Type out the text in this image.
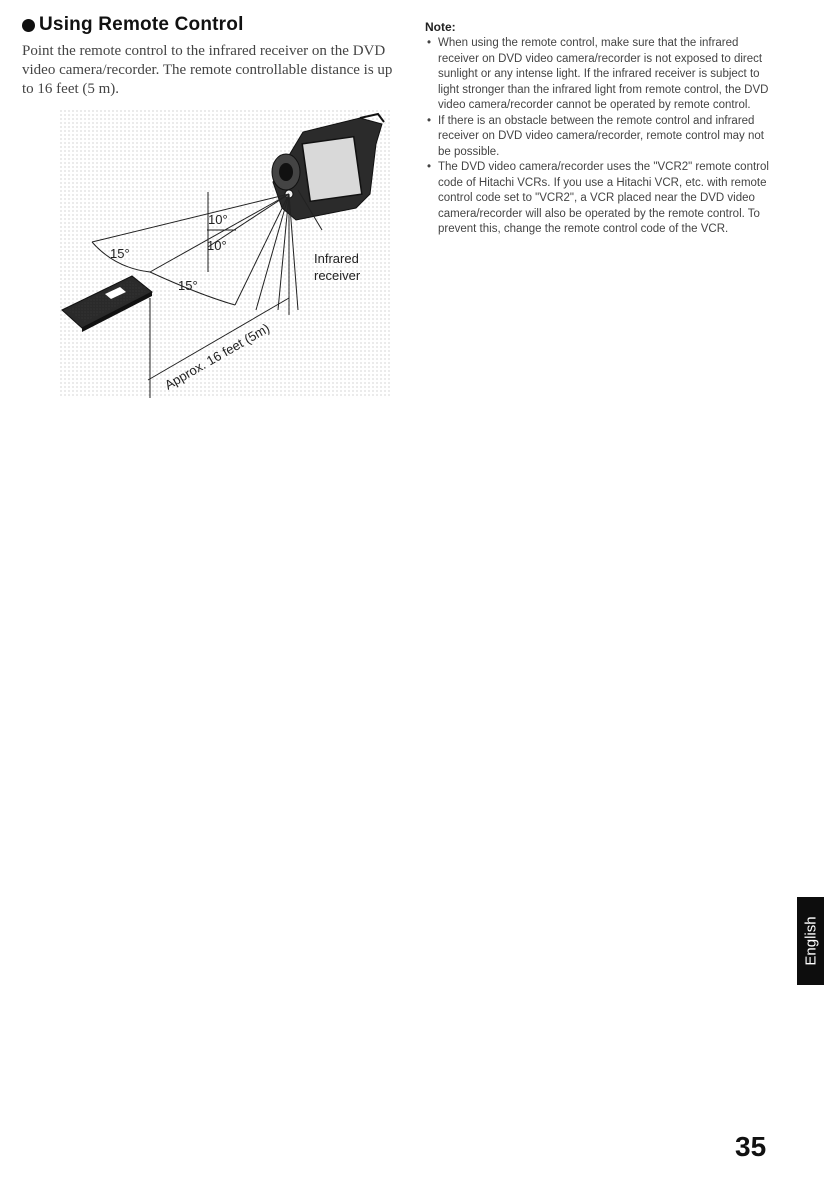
Using Remote Control

Point the remote control to the infrared receiver on the DVD video camera/recorder. The remote controllable distance is up to 16 feet (5 m).

10°
10°
15°
15°
Infrared
receiver
Approx. 16 feet (5m)

Note:

• When using the remote control, make sure that the infrared receiver on DVD video camera/recorder is not exposed to direct sunlight or any intense light. If the infrared receiver is subject to light stronger than the infrared light from remote control, the DVD video camera/recorder cannot be operated by remote control.
• If there is an obstacle between the remote control and infrared receiver on DVD video camera/recorder, remote control may not be possible.
• The DVD video camera/recorder uses the "VCR2" remote control code of Hitachi VCRs. If you use a Hitachi VCR, etc. with remote control code set to "VCR2", a VCR placed near the DVD video camera/recorder will also be operated by the remote control. To prevent this, change the remote control code of the VCR.
English
35
